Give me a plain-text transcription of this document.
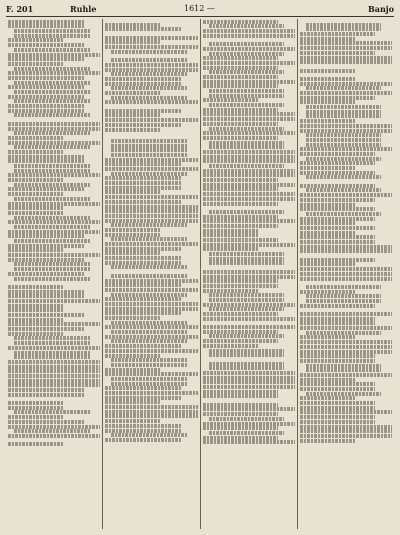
F. 201	Ruhle	1612 —	Banjo
